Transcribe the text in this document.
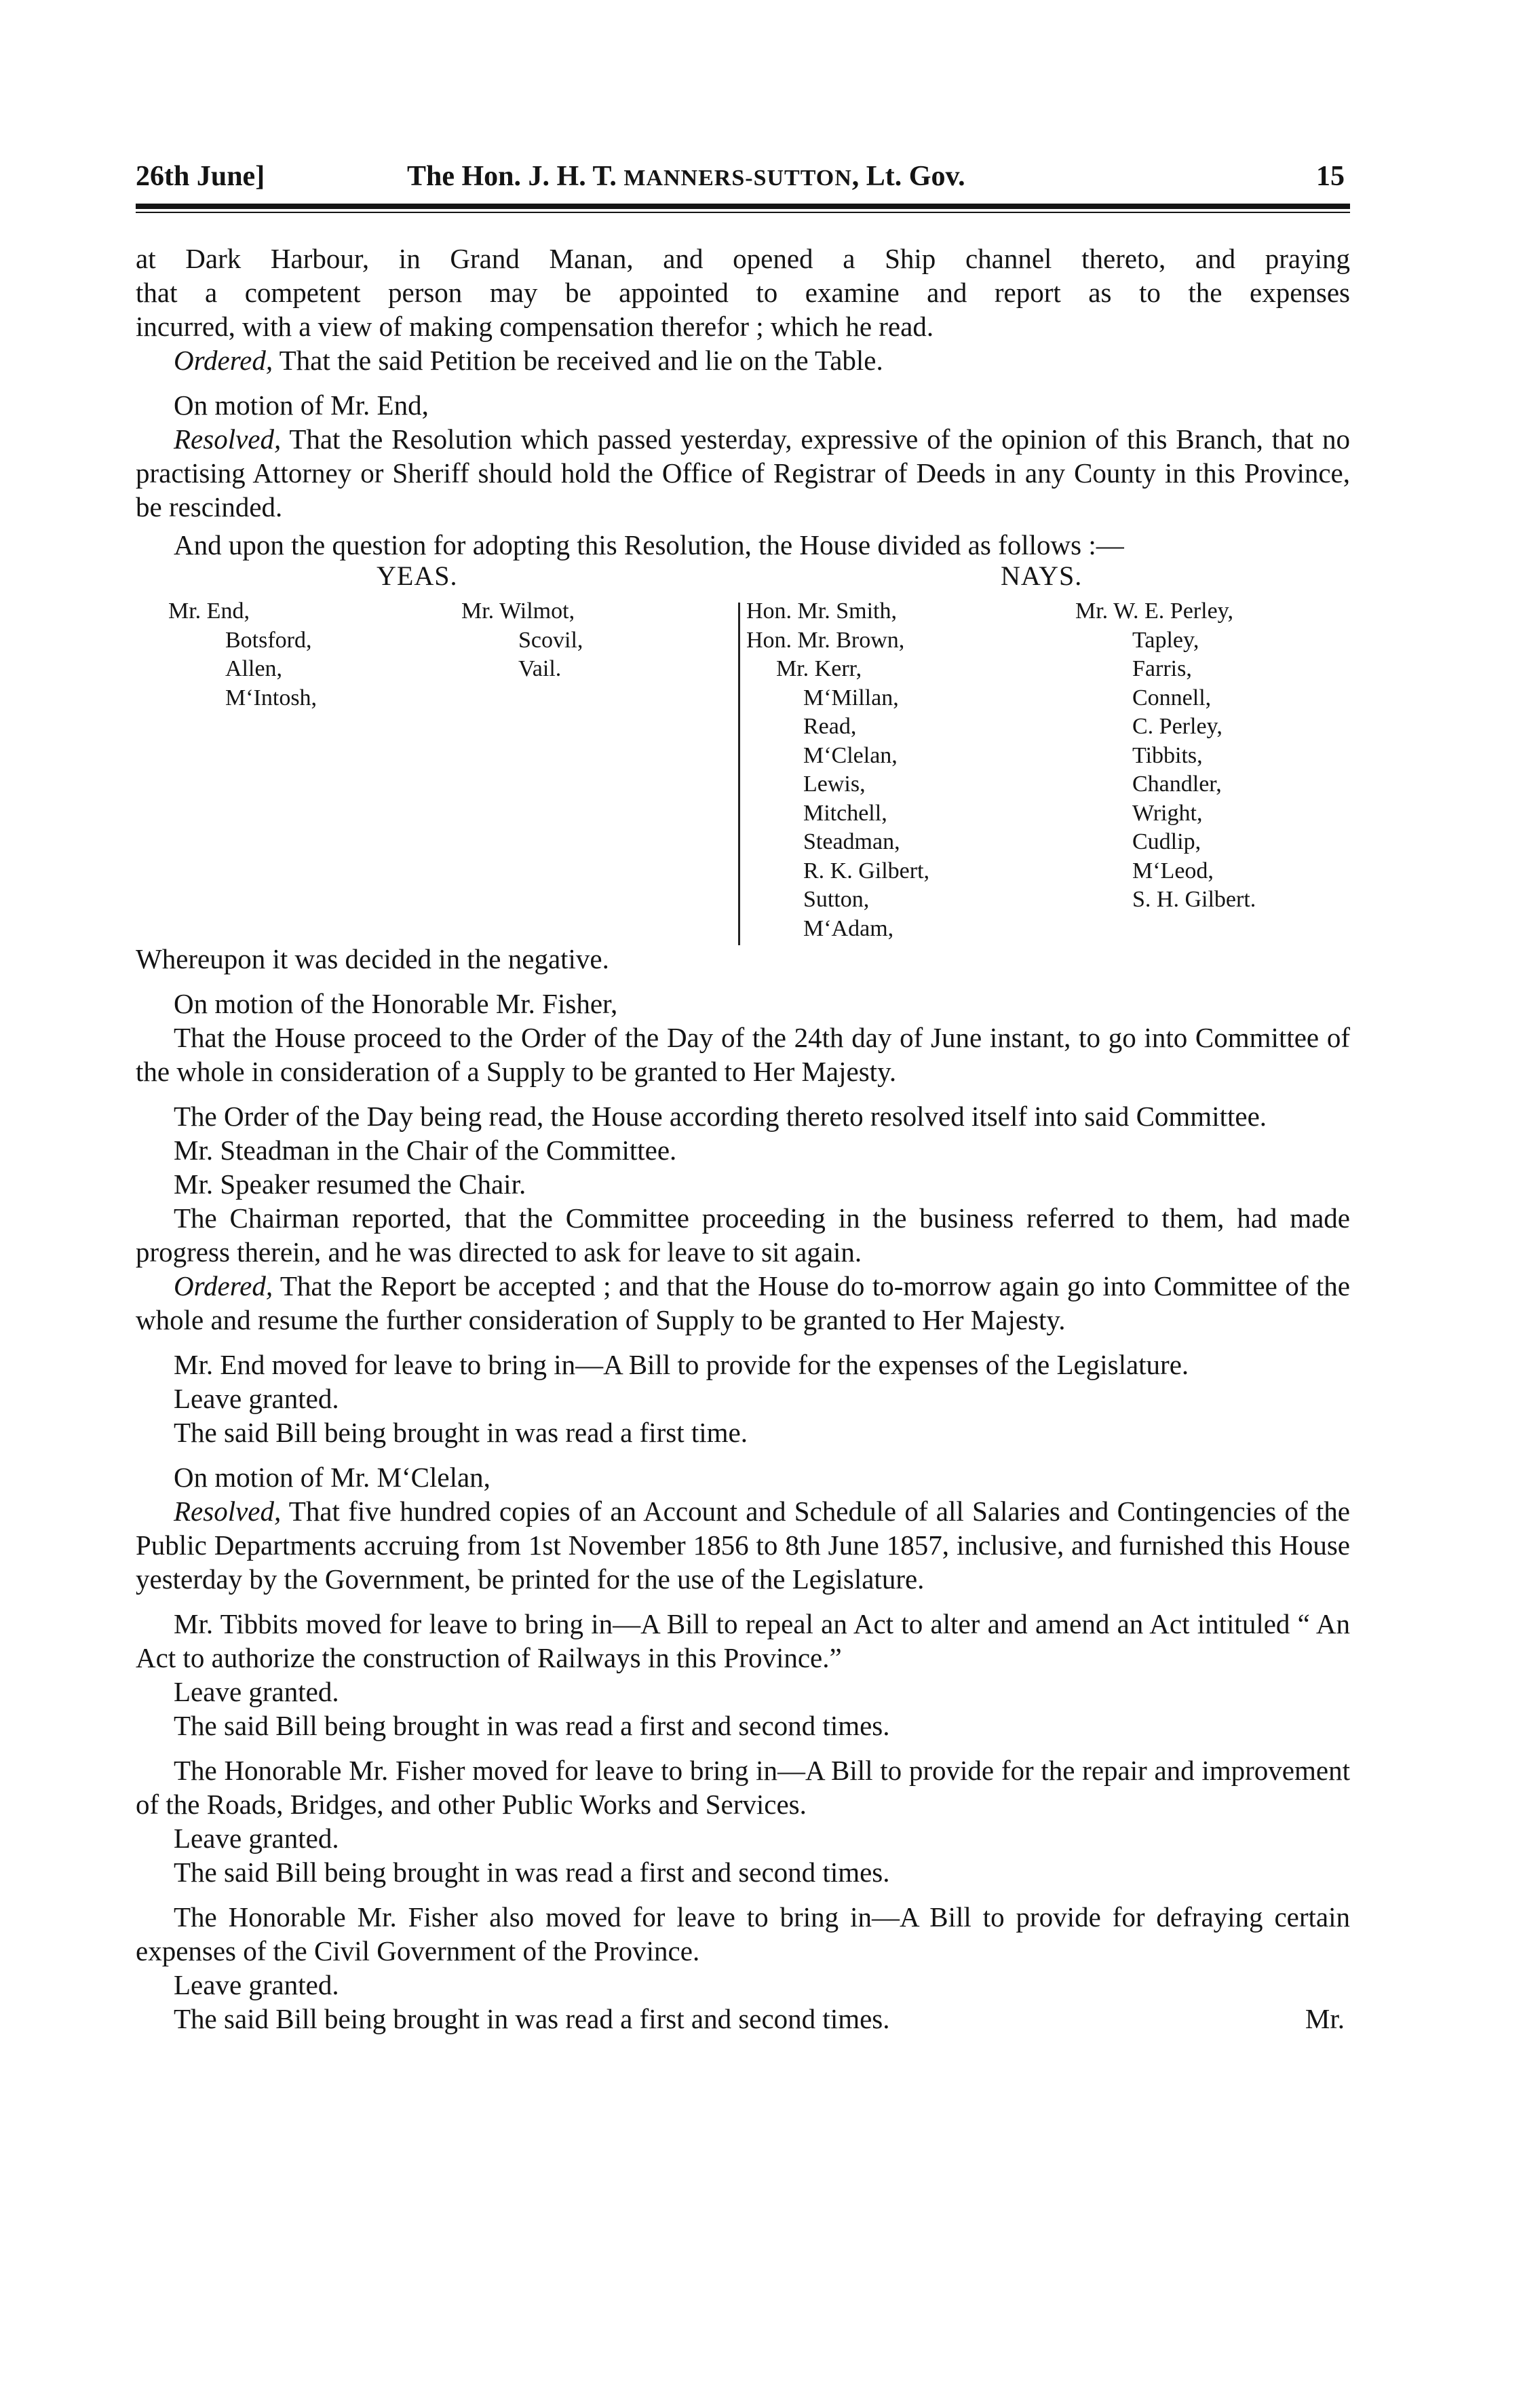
26th June]	The Hon. J. H. T. MANNERS-SUTTON, Lt. Gov.	15

at Dark Harbour, in Grand Manan, and opened a Ship channel thereto, and praying

that a competent person may be appointed to examine and report as to the expenses

incurred, with a view of making compensation therefor ; which he read.

Ordered, That the said Petition be received and lie on the Table.

On motion of Mr. End,

Resolved, That the Resolution which passed yesterday, expressive of the opinion of this Branch, that no practising Attorney or Sheriff should hold the Office of Registrar of Deeds in any County in this Province, be rescinded.

And upon the question for adopting this Resolution, the House divided as follows :—

YEAS.	NAYS.
Mr. End,
Botsford,
Allen,
M‘Intosh,
Mr. Wilmot,
Scovil,
Vail.
Hon. Mr. Smith,
Hon. Mr. Brown,
Mr. Kerr,
M‘Millan,
Read,
M‘Clelan,
Lewis,
Mitchell,
Steadman,
R. K. Gilbert,
Sutton,
M‘Adam,
Mr. W. E. Perley,
Tapley,
Farris,
Connell,
C. Perley,
Tibbits,
Chandler,
Wright,
Cudlip,
M‘Leod,
S. H. Gilbert.

Whereupon it was decided in the negative.

On motion of the Honorable Mr. Fisher,

That the House proceed to the Order of the Day of the 24th day of June instant, to go into Committee of the whole in consideration of a Supply to be granted to Her Majesty.

The Order of the Day being read, the House according thereto resolved itself into said Committee.

Mr. Steadman in the Chair of the Committee.

Mr. Speaker resumed the Chair.

The Chairman reported, that the Committee proceeding in the business referred to them, had made progress therein, and he was directed to ask for leave to sit again.

Ordered, That the Report be accepted ; and that the House do to-morrow again go into Committee of the whole and resume the further consideration of Supply to be granted to Her Majesty.

Mr. End moved for leave to bring in—A Bill to provide for the expenses of the Legislature.

Leave granted.

The said Bill being brought in was read a first time.

On motion of Mr. M‘Clelan,

Resolved, That five hundred copies of an Account and Schedule of all Salaries and Contingencies of the Public Departments accruing from 1st November 1856 to 8th June 1857, inclusive, and furnished this House yesterday by the Government, be printed for the use of the Legislature.

Mr. Tibbits moved for leave to bring in—A Bill to repeal an Act to alter and amend an Act intituled “ An Act to authorize the construction of Railways in this Province.”

Leave granted.

The said Bill being brought in was read a first and second times.

The Honorable Mr. Fisher moved for leave to bring in—A Bill to provide for the repair and improvement of the Roads, Bridges, and other Public Works and Services.

Leave granted.

The said Bill being brought in was read a first and second times.

The Honorable Mr. Fisher also moved for leave to bring in—A Bill to provide for defraying certain expenses of the Civil Government of the Province.

Leave granted.

The said Bill being brought in was read a first and second times.	Mr.
